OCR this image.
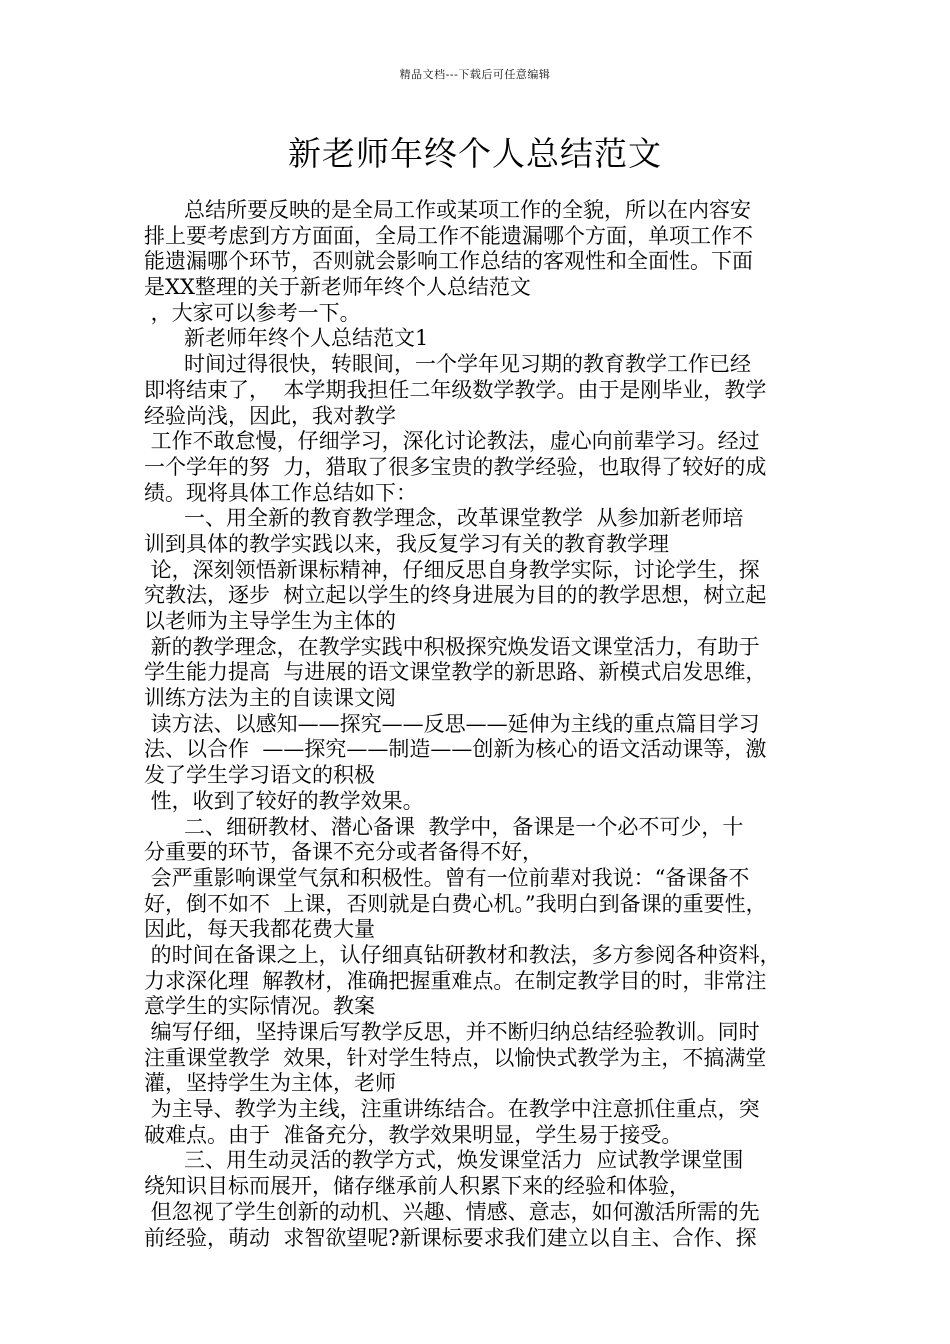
精品文档---下载后可任意编辑
新老师年终个人总结范文
总结所要反映的是全局工作或某项工作的全貌，所以在内容安
排上要考虑到方方面面，全局工作不能遗漏哪个方面，单项工作不
能遗漏哪个环节，否则就会影响工作总结的客观性和全面性。下面
是XX整理的关于新老师年终个人总结范文
，大家可以参考一下。
新老师年终个人总结范文1
时间过得很快，转眼间，一个学年见习期的教育教学工作已经
即将结束了，  本学期我担任二年级数学教学。由于是刚毕业，教学
经验尚浅，因此，我对教学
工作不敢怠慢，仔细学习，深化讨论教法，虚心向前辈学习。经过
一个学年的努  力，猎取了很多宝贵的教学经验，也取得了较好的成
绩。现将具体工作总结如下：
一、用全新的教育教学理念，改革课堂教学  从参加新老师培
训到具体的教学实践以来，我反复学习有关的教育教学理
论，深刻领悟新课标精神，仔细反思自身教学实际，讨论学生，探
究教法，逐步  树立起以学生的终身进展为目的的教学思想，树立起
以老师为主导学生为主体的
新的教学理念，在教学实践中积极探究焕发语文课堂活力，有助于
学生能力提高  与进展的语文课堂教学的新思路、新模式启发思维，
训练方法为主的自读课文阅
读方法、以感知——探究——反思——延伸为主线的重点篇目学习
法、以合作  ——探究——制造——创新为核心的语文活动课等，激
发了学生学习语文的积极
性，收到了较好的教学效果。
二、细研教材、潜心备课  教学中，备课是一个必不可少，十
分重要的环节，备课不充分或者备得不好，
会严重影响课堂气氛和积极性。曾有一位前辈对我说：“备课备不
好，倒不如不  上课，否则就是白费心机。”我明白到备课的重要性，
因此，每天我都花费大量
的时间在备课之上，认仔细真钻研教材和教法，多方参阅各种资料，
力求深化理  解教材，准确把握重难点。在制定教学目的时，非常注
意学生的实际情况。教案
编写仔细，坚持课后写教学反思，并不断归纳总结经验教训。同时
注重课堂教学  效果，针对学生特点，以愉快式教学为主，不搞满堂
灌，坚持学生为主体，老师
为主导、教学为主线，注重讲练结合。在教学中注意抓住重点，突
破难点。由于  准备充分，教学效果明显，学生易于接受。
三、用生动灵活的教学方式，焕发课堂活力  应试教学课堂围
绕知识目标而展开，储存继承前人积累下来的经验和体验，
但忽视了学生创新的动机、兴趣、情感、意志，如何激活所需的先
前经验，萌动  求智欲望呢?新课标要求我们建立以自主、合作、探
